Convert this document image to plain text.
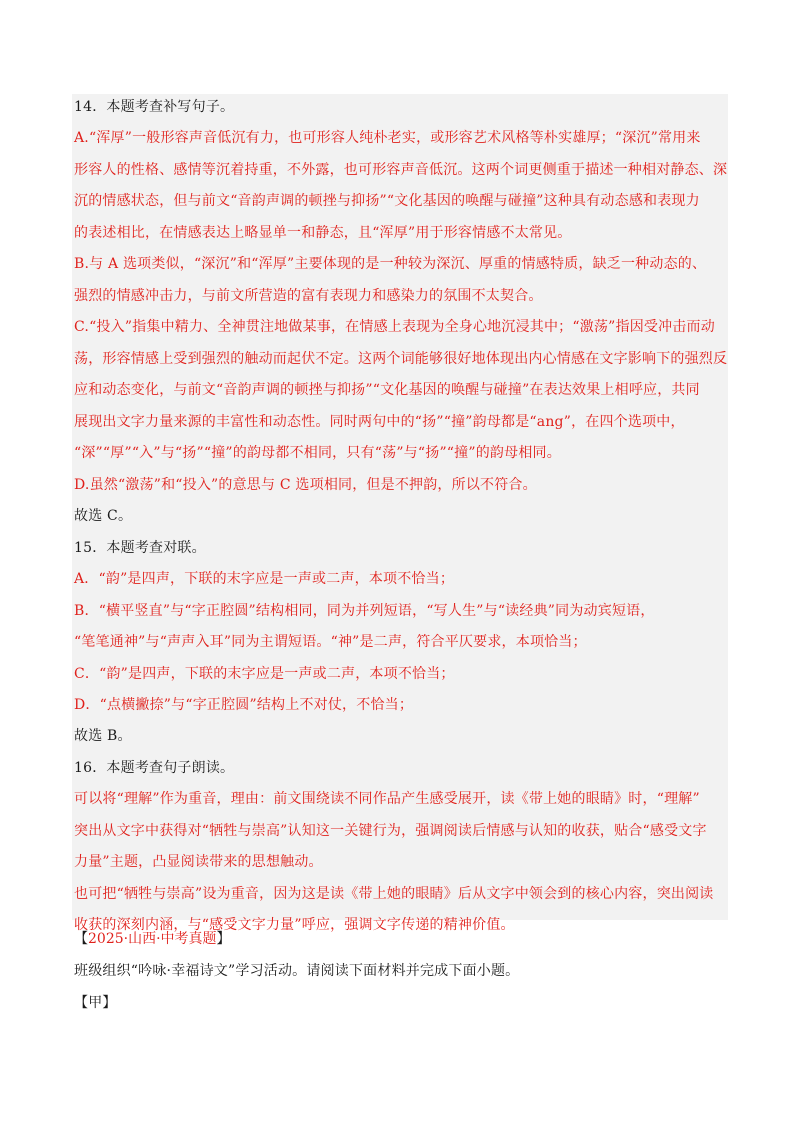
14．本题考查补写句子。
A.“浑厚”一般形容声音低沉有力，也可形容人纯朴老实，或形容艺术风格等朴实雄厚；“深沉”常用来
形容人的性格、感情等沉着持重，不外露，也可形容声音低沉。这两个词更侧重于描述一种相对静态、深
沉的情感状态，但与前文“音韵声调的顿挫与抑扬”“文化基因的唤醒与碰撞”这种具有动态感和表现力
的表述相比，在情感表达上略显单一和静态，且“浑厚”用于形容情感不太常见。
B.与 A 选项类似，“深沉”和“浑厚”主要体现的是一种较为深沉、厚重的情感特质，缺乏一种动态的、
强烈的情感冲击力，与前文所营造的富有表现力和感染力的氛围不太契合。
C.“投入”指集中精力、全神贯注地做某事，在情感上表现为全身心地沉浸其中；“激荡”指因受冲击而动
荡，形容情感上受到强烈的触动而起伏不定。这两个词能够很好地体现出内心情感在文字影响下的强烈反
应和动态变化，与前文“音韵声调的顿挫与抑扬”“文化基因的唤醒与碰撞”在表达效果上相呼应，共同
展现出文字力量来源的丰富性和动态性。同时两句中的“扬”“撞”韵母都是“ang”，在四个选项中，
“深”“厚”“入”与“扬”“撞”的韵母都不相同，只有“荡”与“扬”“撞”的韵母相同。
D.虽然“激荡”和“投入”的意思与 C 选项相同，但是不押韵，所以不符合。
故选 C。
15．本题考查对联。
A．“韵”是四声，下联的末字应是一声或二声，本项不恰当；
B．“横平竖直”与“字正腔圆”结构相同，同为并列短语，“写人生”与“读经典”同为动宾短语，
“笔笔通神”与“声声入耳”同为主谓短语。“神”是二声，符合平仄要求，本项恰当；
C．“韵”是四声，下联的末字应是一声或二声，本项不恰当；
D．“点横撇捺”与“字正腔圆”结构上不对仗，不恰当；
故选 B。
16．本题考查句子朗读。
可以将“理解”作为重音，理由：前文围绕读不同作品产生感受展开，读《带上她的眼睛》时，“理解”
突出从文字中获得对“牺牲与崇高”认知这一关键行为，强调阅读后情感与认知的收获，贴合“感受文字
力量”主题，凸显阅读带来的思想触动。
也可把“牺牲与崇高”设为重音，因为这是读《带上她的眼睛》后从文字中领会到的核心内容，突出阅读
收获的深刻内涵，与“感受文字力量”呼应，强调文字传递的精神价值。
【2025·山西·中考真题】
班级组织“吟咏·幸福诗文”学习活动。请阅读下面材料并完成下面小题。
【甲】
